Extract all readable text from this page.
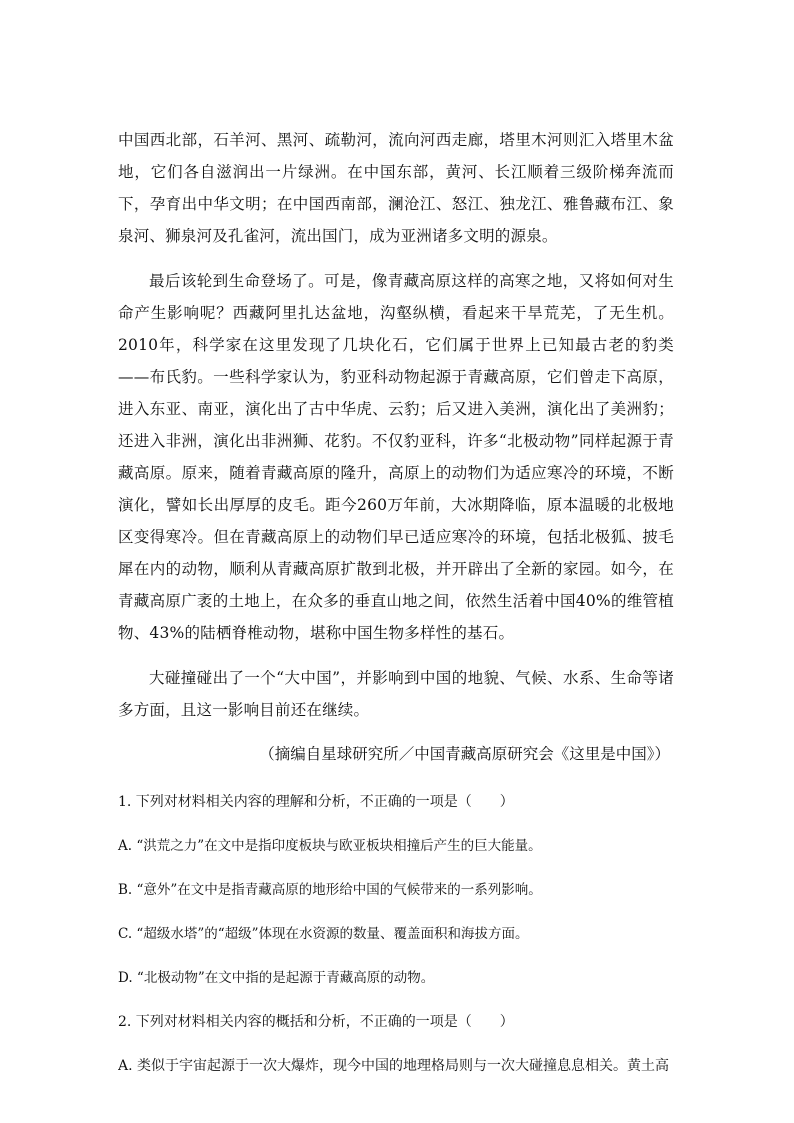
中国西北部，石羊河、黑河、疏勒河，流向河西走廊，塔里木河则汇入塔里木盆地，它们各自滋润出一片绿洲。在中国东部，黄河、长江顺着三级阶梯奔流而下，孕育出中华文明；在中国西南部，澜沧江、怒江、独龙江、雅鲁藏布江、象泉河、狮泉河及孔雀河，流出国门，成为亚洲诸多文明的源泉。

最后该轮到生命登场了。可是，像青藏高原这样的高寒之地，又将如何对生命产生影响呢？西藏阿里扎达盆地，沟壑纵横，看起来干旱荒芜，了无生机。2010年，科学家在这里发现了几块化石，它们属于世界上已知最古老的豹类——布氏豹。一些科学家认为，豹亚科动物起源于青藏高原，它们曾走下高原，进入东亚、南亚，演化出了古中华虎、云豹；后又进入美洲，演化出了美洲豹；还进入非洲，演化出非洲狮、花豹。不仅豹亚科，许多“北极动物”同样起源于青藏高原。原来，随着青藏高原的隆升，高原上的动物们为适应寒冷的环境，不断演化，譬如长出厚厚的皮毛。距今260万年前，大冰期降临，原本温暖的北极地区变得寒冷。但在青藏高原上的动物们早已适应寒冷的环境，包括北极狐、披毛犀在内的动物，顺利从青藏高原扩散到北极，并开辟出了全新的家园。如今，在青藏高原广袤的土地上，在众多的垂直山地之间，依然生活着中国40%的维管植物、43%的陆栖脊椎动物，堪称中国生物多样性的基石。

大碰撞碰出了一个“大中国”，并影响到中国的地貌、气候、水系、生命等诸多方面，且这一影响目前还在继续。

（摘编自星球研究所／中国青藏高原研究会《这里是中国》）

1. 下列对材料相关内容的理解和分析，不正确的一项是（　　）

A. “洪荒之力”在文中是指印度板块与欧亚板块相撞后产生的巨大能量。

B. “意外”在文中是指青藏高原的地形给中国的气候带来的一系列影响。

C. “超级水塔”的“超级”体现在水资源的数量、覆盖面积和海拔方面。

D. “北极动物”在文中指的是起源于青藏高原的动物。

2. 下列对材料相关内容的概括和分析，不正确的一项是（　　）

A. 类似于宇宙起源于一次大爆炸，现今中国的地理格局则与一次大碰撞息息相关。黄土高
